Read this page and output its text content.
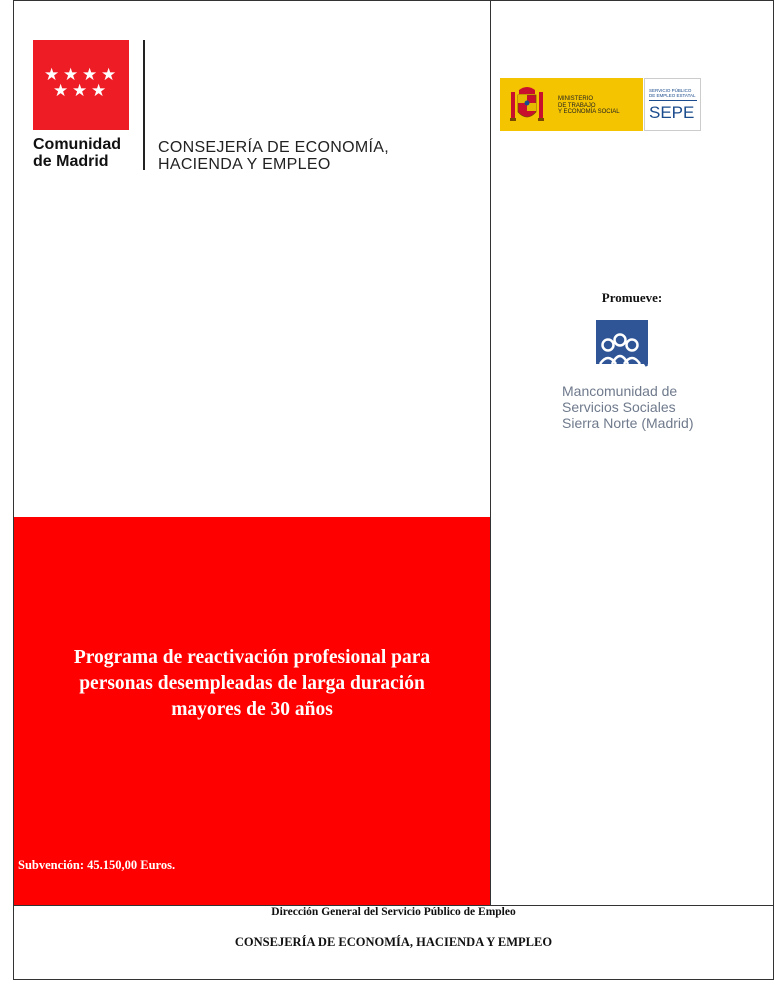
★ ★ ★ ★
★ ★ ★
Comunidad
de Madrid
CONSEJERÍA DE ECONOMÍA,
HACIENDA Y EMPLEO
MINISTERIO
DE TRABAJO
Y ECONOMÍA SOCIAL
SERVICIO PÚBLICO
DE EMPLEO ESTATAL
SEPE
Promueve:
Mancomunidad de
Servicios Sociales
Sierra Norte (Madrid)
Programa de reactivación profesional para
personas desempleadas de larga duración
mayores de 30 años
Subvención: 45.150,00 Euros.
Dirección General del Servicio Público de Empleo
CONSEJERÍA DE ECONOMÍA, HACIENDA Y EMPLEO
